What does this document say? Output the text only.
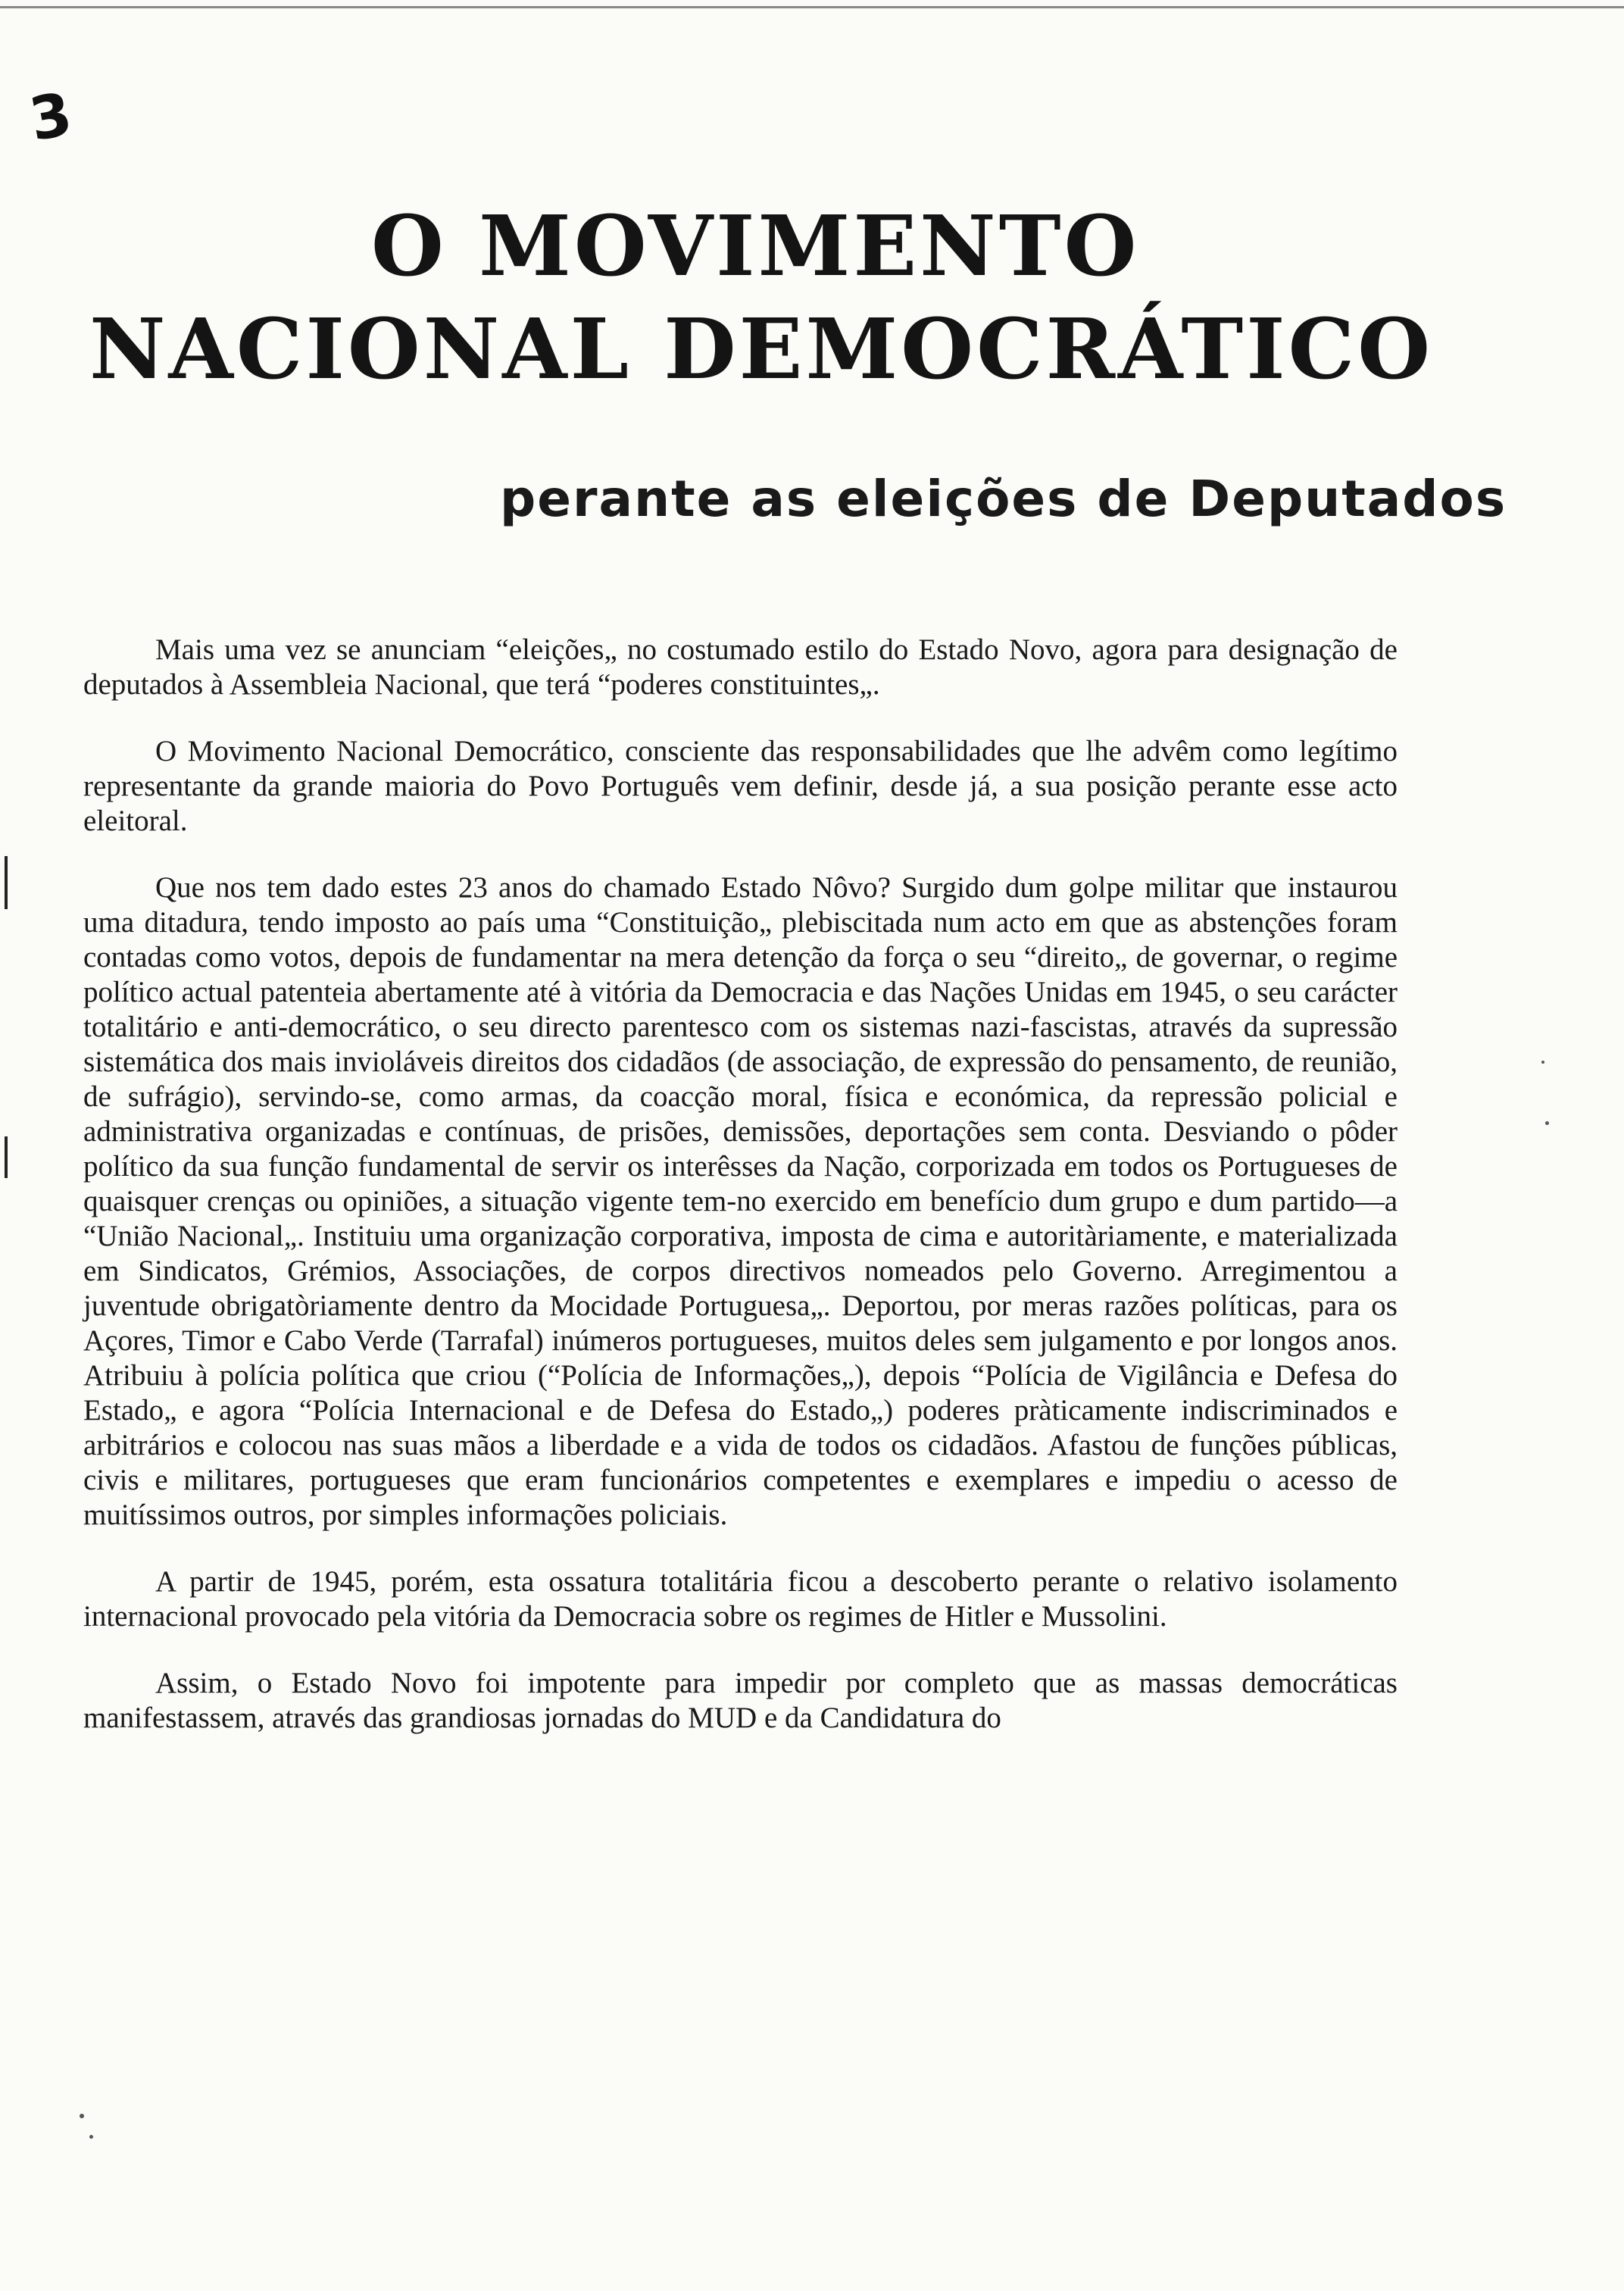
3
O MOVIMENTO
NACIONAL DEMOCRÁTICO
perante as eleições de Deputados

Mais uma vez se anunciam “eleições„ no costumado estilo do Estado Novo, agora para designação de deputados à Assembleia Nacional, que terá “poderes constituintes„.

O Movimento Nacional Democrático, consciente das responsabilidades que lhe advêm como legítimo representante da grande maioria do Povo Português vem definir, desde já, a sua posição perante esse acto eleitoral.

Que nos tem dado estes 23 anos do chamado Estado Nôvo? Surgido dum golpe militar que instaurou uma ditadura, tendo imposto ao país uma “Constituição„ plebiscitada num acto em que as abstenções foram contadas como votos, depois de fundamentar na mera detenção da força o seu “direito„ de governar, o regime político actual patenteia abertamente até à vitória da Democracia e das Nações Unidas em 1945, o seu carácter totalitário e anti-democrático, o seu directo parentesco com os sistemas nazi-fascistas, através da supressão sistemática dos mais invioláveis direitos dos cidadãos (de associação, de expressão do pensamento, de reunião, de sufrágio), servindo-se, como armas, da coacção moral, física e económica, da repressão policial e administrativa organizadas e contínuas, de prisões, demissões, deportações sem conta. Desviando o pôder político da sua função fundamental de servir os interêsses da Nação, corporizada em todos os Portugueses de quaisquer crenças ou opiniões, a situação vigente tem-no exercido em benefício dum grupo e dum partido—a “União Nacional„. Instituiu uma organização corporativa, imposta de cima e autoritàriamente, e materializada em Sindicatos, Grémios, Associações, de corpos directivos nomeados pelo Governo. Arregimentou a juventude obrigatòriamente dentro da Mocidade Portuguesa„. Deportou, por meras razões políticas, para os Açores, Timor e Cabo Verde (Tarrafal) inúmeros portugueses, muitos deles sem julgamento e por longos anos. Atribuiu à polícia política que criou (“Polícia de Informações„), depois “Polícia de Vigilância e Defesa do Estado„ e agora “Polícia Internacional e de Defesa do Estado„) poderes pràticamente indiscriminados e arbitrários e colocou nas suas mãos a liberdade e a vida de todos os cidadãos. Afastou de funções públicas, civis e militares, portugueses que eram funcionários competentes e exemplares e impediu o acesso de muitíssimos outros, por simples informações policiais.

A partir de 1945, porém, esta ossatura totalitária ficou a descoberto perante o relativo isolamento internacional provocado pela vitória da Democracia sobre os regimes de Hitler e Mussolini.

Assim, o Estado Novo foi impotente para impedir por completo que as massas democráticas manifestassem, através das grandiosas jornadas do MUD e da Candidatura do
